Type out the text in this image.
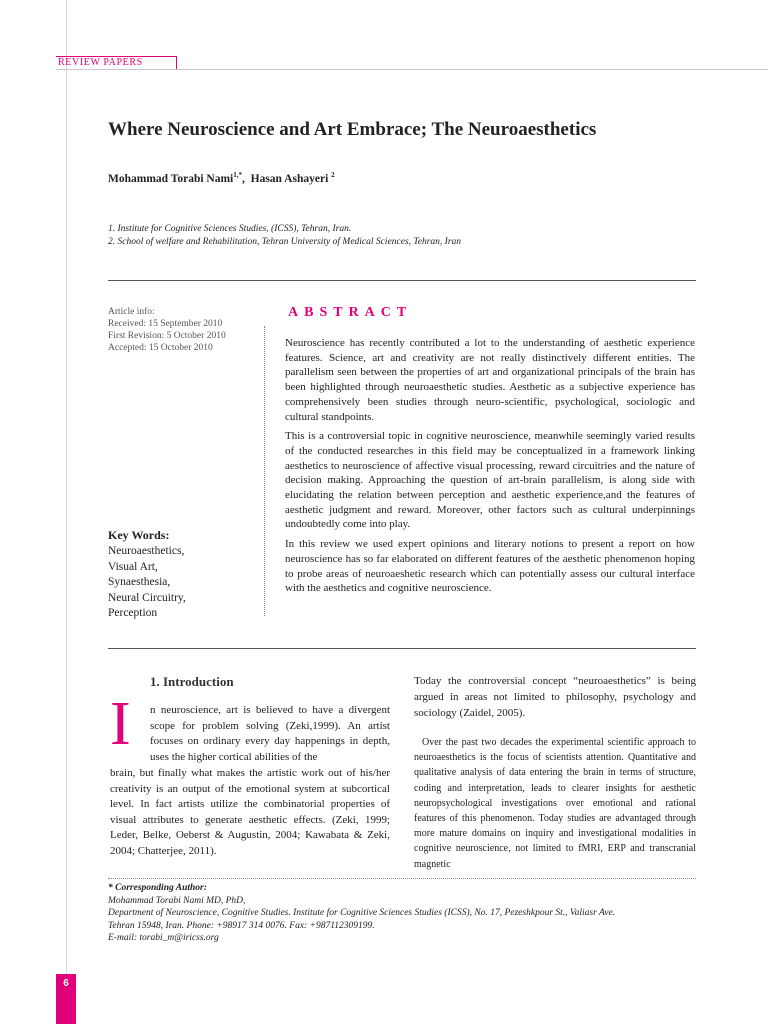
REVIEW PAPERS
Where Neuroscience and Art Embrace; The Neuroaesthetics
Mohammad Torabi Nami$^{1,*}$,  Hasan Ashayeri $^2$
1. Institute for Cognitive Sciences Studies, (ICSS), Tehran, Iran.
2. School of welfare and Rehabilitation, Tehran University of Medical Sciences, Tehran, Iran
Article info:
Received: 15 September 2010
First Revision: 5 October 2010
Accepted: 15 October 2010
Key Words:
Neuroaesthetics,
Visual Art,
Synaesthesia,
Neural Circuitry,
Perception
ABSTRACT

Neuroscience has recently contributed a lot to the understanding of aesthetic experience features. Science, art and creativity are not really distinctively different entities. The parallelism seen between the properties of art and organizational principals of the brain has been highlighted through neuroaesthetic studies. Aesthetic as a subjective experience has comprehensively been studies through neuro-scientific, psychological, sociologic and cultural standpoints.

This is a controversial topic in cognitive neuroscience, meanwhile seemingly varied results of the conducted researches in this field may be conceptualized in a framework linking aesthetics to neuroscience of affective visual processing, reward circuitries and the nature of decision making. Approaching the question of art-brain parallelism, is along side with elucidating the relation between perception and aesthetic experience,and the features of aesthetic judgment and reward. Moreover, other factors such as cultural underpinnings undoubtedly come into play.

In this review we used expert opinions and literary notions to present a report on how neuroscience has so far elaborated on different features of the aesthetic phenomenon hoping to probe areas of neuroaeshetic research which can potentially assess our cultural interface with the aesthetics and cognitive neuroscience.

1. Introduction
I n neuroscience, art is believed to have a divergent scope for problem solving (Zeki,1999). An artist focuses on ordinary every day happenings in depth, uses the higher cortical abilities of the
brain, but finally what makes the artistic work out of his/her creativity is an output of the emotional system at subcortical level. In fact artists utilize the combinatorial properties of visual attributes to generate aesthetic effects. (Zeki, 1999; Leder, Belke, Oeberst & Augustin, 2004; Kawabata & Zeki, 2004; Chatterjee, 2011).
Today the controversial concept “neuroaesthetics” is being argued in areas not limited to philosophy, psychology and sociology (Zaidel, 2005).
Over the past two decades the experimental scientific approach to neuroaesthetics is the focus of scientists attention. Quantitative and qualitative analysis of data entering the brain in terms of structure, coding and interpretation, leads to clearer insights for aesthetic neuropsychological investigations over emotional and rational features of this phenomenon. Today studies are advantaged through more mature domains on inquiry and investigational modalities in cognitive neuroscience, not limited to fMRI, ERP and transcranial magnetic
* Corresponding Author:
Mohammad Torabi Nami MD, PhD,
Department of Neuroscience, Cognitive Studies. Institute for Cognitive Sciences Studies (ICSS), No. 17, Pezeshkpour St., Valiasr Ave.
Tehran 15948, Iran. Phone: +98917 314 0076. Fax: +987112309199.
E-mail: torabi_m@iricss.org
6
